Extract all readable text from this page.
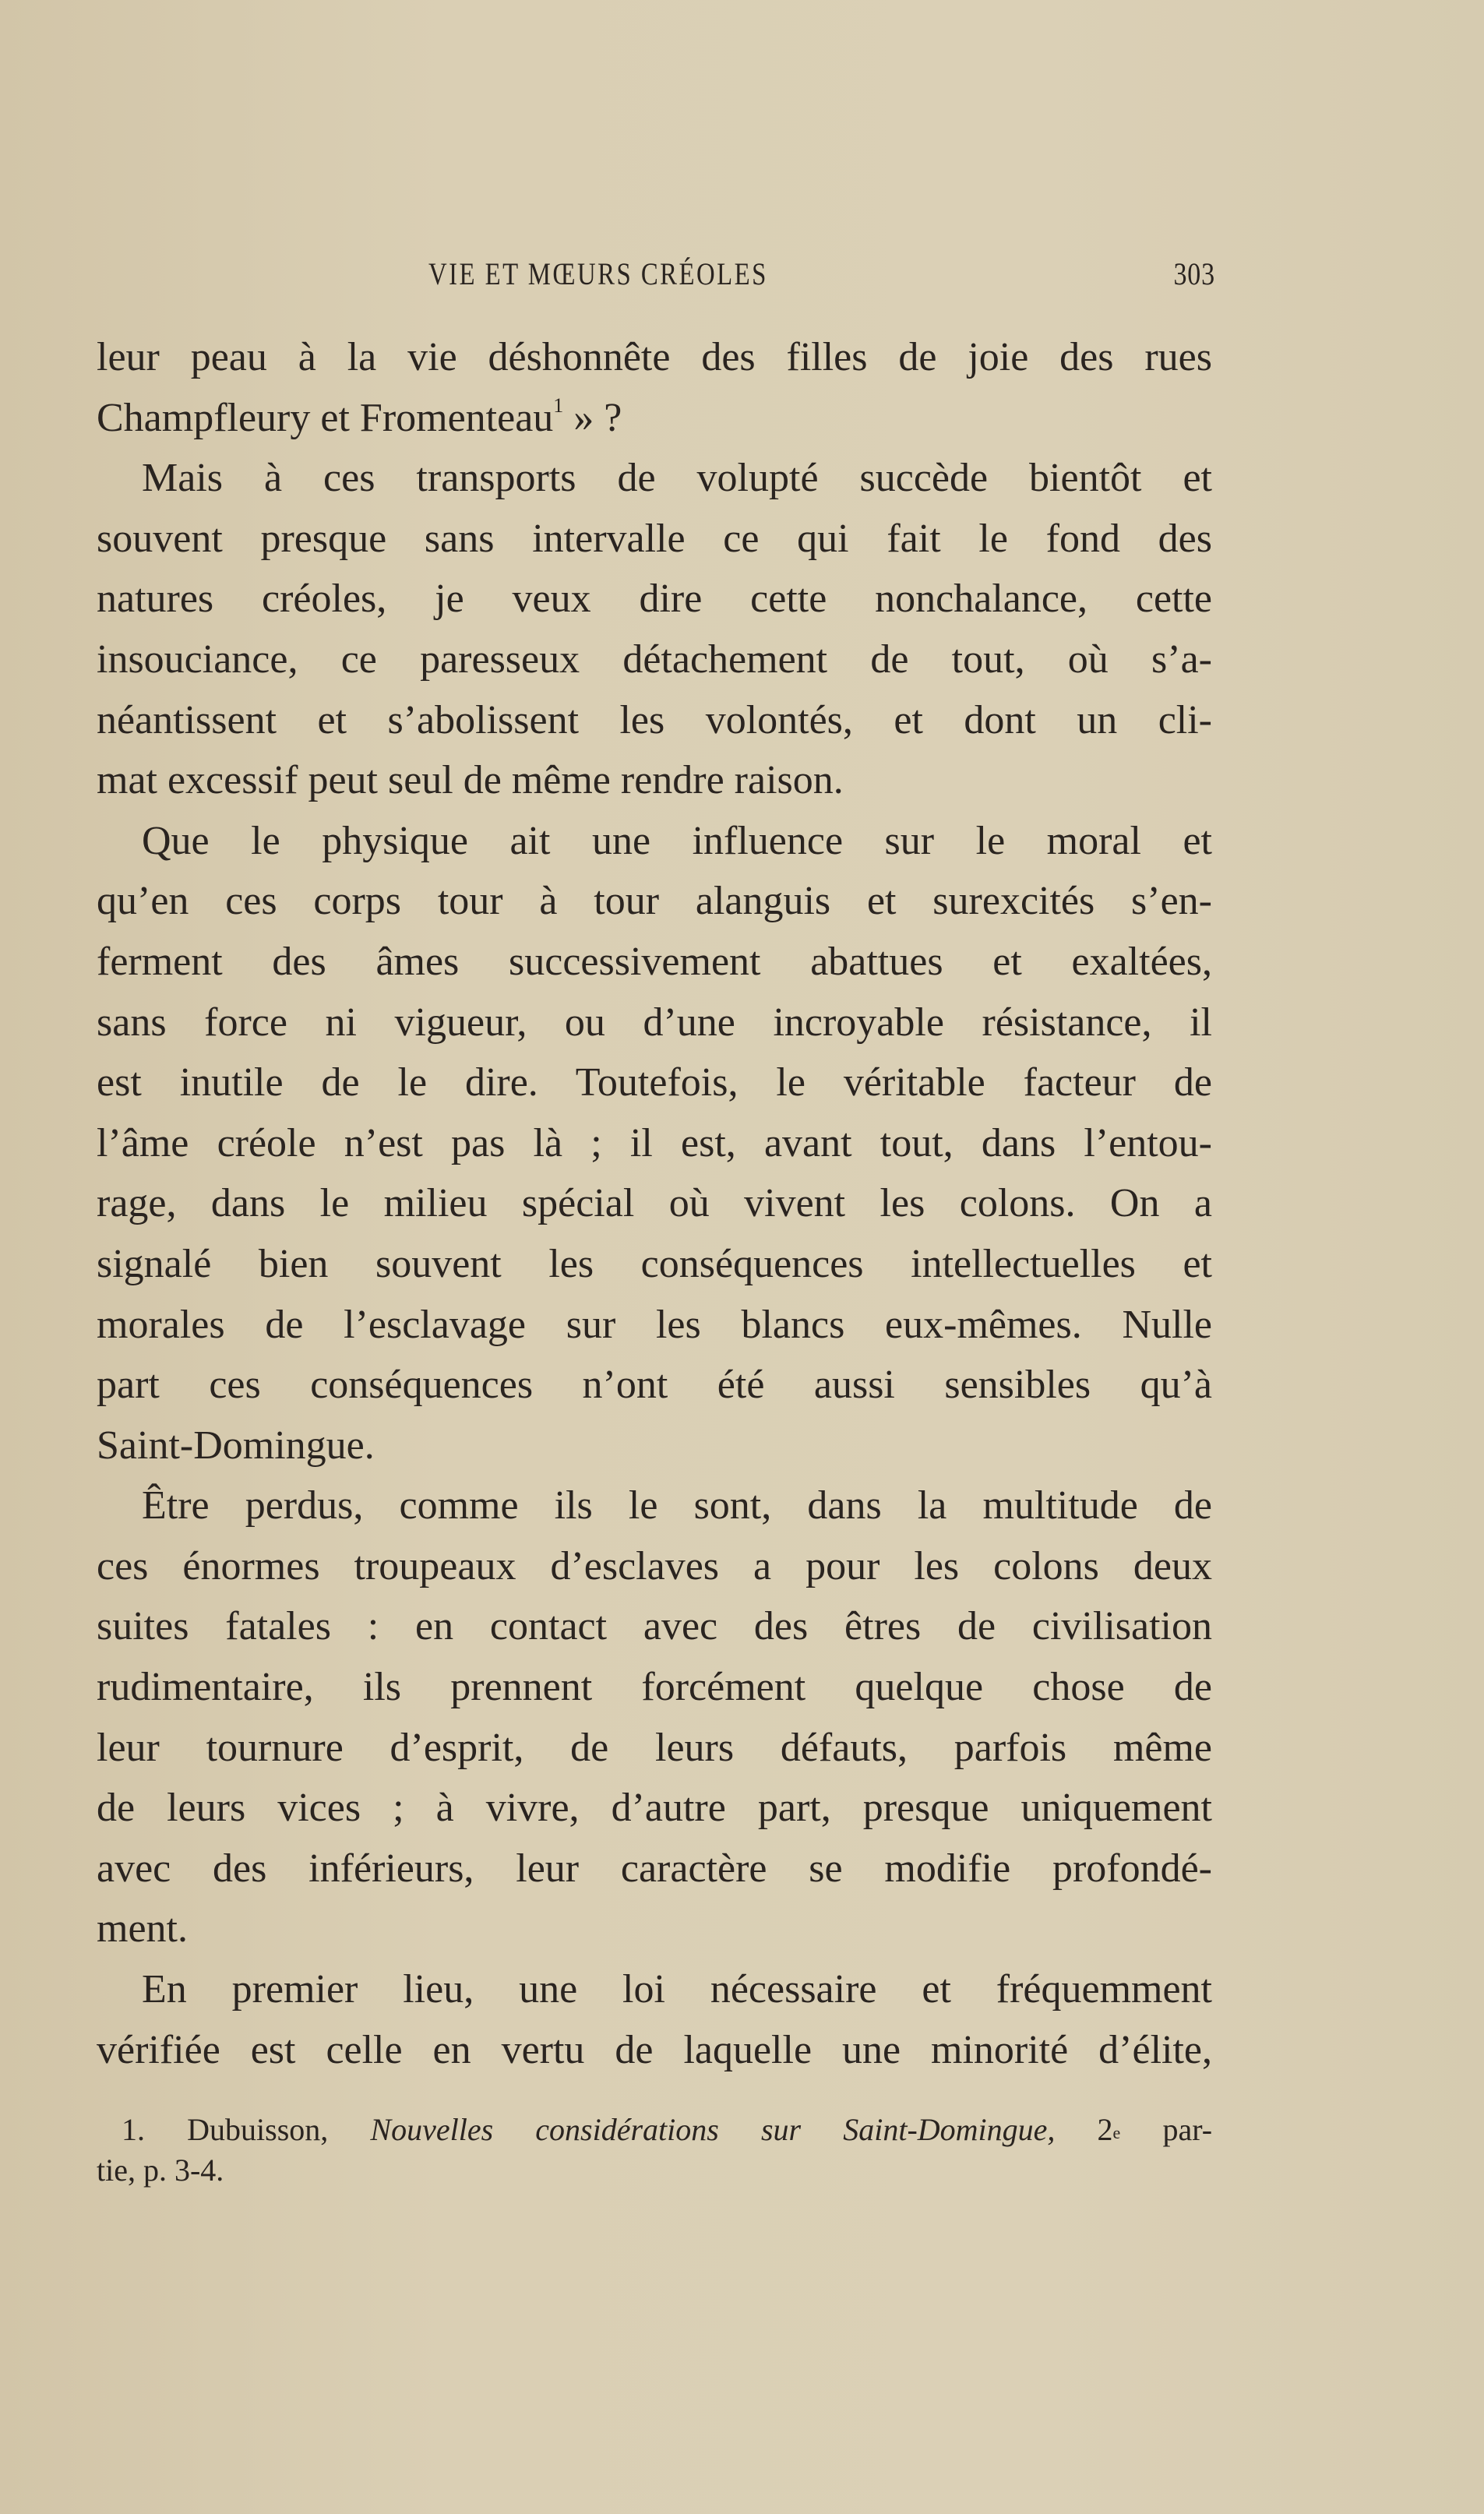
VIE ET MŒURS CRÉOLES	303
leur peau à la vie déshonnête des filles de joie des rues
Champfleury et Fromenteau$^1$ » ?
Mais à ces transports de volupté succède bientôt et
souvent presque sans intervalle ce qui fait le fond des
natures créoles, je veux dire cette nonchalance, cette
insouciance, ce paresseux détachement de tout, où s’a-
néantissent et s’abolissent les volontés, et dont un cli-
mat excessif peut seul de même rendre raison.
Que le physique ait une influence sur le moral et
qu’en ces corps tour à tour alanguis et surexcités s’en-
ferment des âmes successivement abattues et exaltées,
sans force ni vigueur, ou d’une incroyable résistance, il
est inutile de le dire. Toutefois, le véritable facteur de
l’âme créole n’est pas là ; il est, avant tout, dans l’entou-
rage, dans le milieu spécial où vivent les colons. On a
signalé bien souvent les conséquences intellectuelles et
morales de l’esclavage sur les blancs eux-mêmes. Nulle
part ces conséquences n’ont été aussi sensibles qu’à
Saint-Domingue.
Être perdus, comme ils le sont, dans la multitude de
ces énormes troupeaux d’esclaves a pour les colons deux
suites fatales : en contact avec des êtres de civilisation
rudimentaire, ils prennent forcément quelque chose de
leur tournure d’esprit, de leurs défauts, parfois même
de leurs vices ; à vivre, d’autre part, presque uniquement
avec des inférieurs, leur caractère se modifie profondé-
ment.
En premier lieu, une loi nécessaire et fréquemment
vérifiée est celle en vertu de laquelle une minorité d’élite,
1. Dubuisson, Nouvelles considérations sur Saint-Domingue, 2e par-
tie, p. 3-4.
